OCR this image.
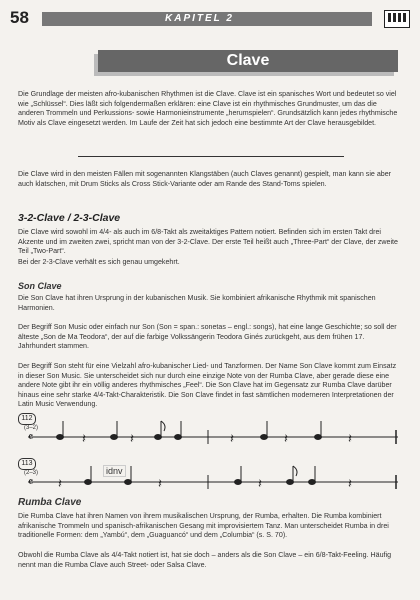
58	KAPITEL 2
Clave
Die Grundlage der meisten afro-kubanischen Rhythmen ist die Clave. Clave ist ein spanisches Wort und bedeutet so viel wie „Schlüssel“. Dies läßt sich folgendermaßen erklären: eine Clave ist ein rhythmisches Grundmuster, um das die anderen Trommeln und Perkussions- sowie Harmonieinstrumente „herumspielen“. Grundsätzlich kann jedes rhythmische Motiv als Clave eingesetzt werden. Im Laufe der Zeit hat sich jedoch eine bestimmte Art der Clave herausgebildet.
Die Clave wird in den meisten Fällen mit sogenannten Klangstäben (auch Claves genannt) gespielt, man kann sie aber auch klatschen, mit Drum Sticks als Cross Stick-Variante oder am Rande des Stand-Toms spielen.
3-2-Clave / 2-3-Clave
Die Clave wird sowohl im 4/4- als auch im 6/8-Takt als zweitaktiges Pattern notiert. Befinden sich im ersten Takt drei Akzente und im zweiten zwei, spricht man von der 3-2-Clave. Der erste Teil heißt auch „Three-Part“ der Clave, der zweite Teil „Two-Part“.
Bei der 2-3-Clave verhält es sich genau umgekehrt.
Son Clave
Die Son Clave hat ihren Ursprung in der kubanischen Musik. Sie kombiniert afrikanische Rhythmik mit spanischen Harmonien.
Der Begriff Son Music oder einfach nur Son (Son = span.: sonetas – engl.: songs), hat eine lange Geschichte; so soll der älteste „Son de Ma Teodora“, der auf die farbige Volkssängerin Teodora Ginés zurückgeht, aus dem frühen 17. Jahrhundert stammen.
Der Begriff Son steht für eine Vielzahl afro-kubanischer Lied- und Tanzformen. Der Name Son Clave kommt zum Einsatz in dieser Son Music. Sie unterscheidet sich nur durch eine einzige Note von der Rumba Clave, aber gerade diese eine andere Note gibt ihr ein völlig anderes rhythmisches „Feel“. Die Son Clave hat im Gegensatz zur Rumba Clave darüber hinaus eine sehr starke 4/4-Takt-Charakteristik. Die Son Clave findet in fast sämtlichen moderneren Interpretationen der Latin Music Verwendung.
112
(3–2)
𝄴	𝄽	𝄽	𝄽	𝄽	𝄽
113
(2–3)
𝄴 𝄽	𝄽	𝄽	𝄽
idnv
Rumba Clave
Die Rumba Clave hat ihren Namen von ihrem musikalischen Ursprung, der Rumba, erhalten. Die Rumba kombiniert afrikanische Trommeln und spanisch-afrikanischen Gesang mit improvisiertem Tanz. Man unterscheidet Rumba in drei traditionelle Formen: dem „Yambú“, dem „Guaguancó“ und dem „Columbia“ (s. S. 70).
Obwohl die Rumba Clave als 4/4-Takt notiert ist, hat sie doch – anders als die Son Clave – ein 6/8-Takt-Feeling. Häufig nennt man die Rumba Clave auch Street- oder Salsa Clave.
